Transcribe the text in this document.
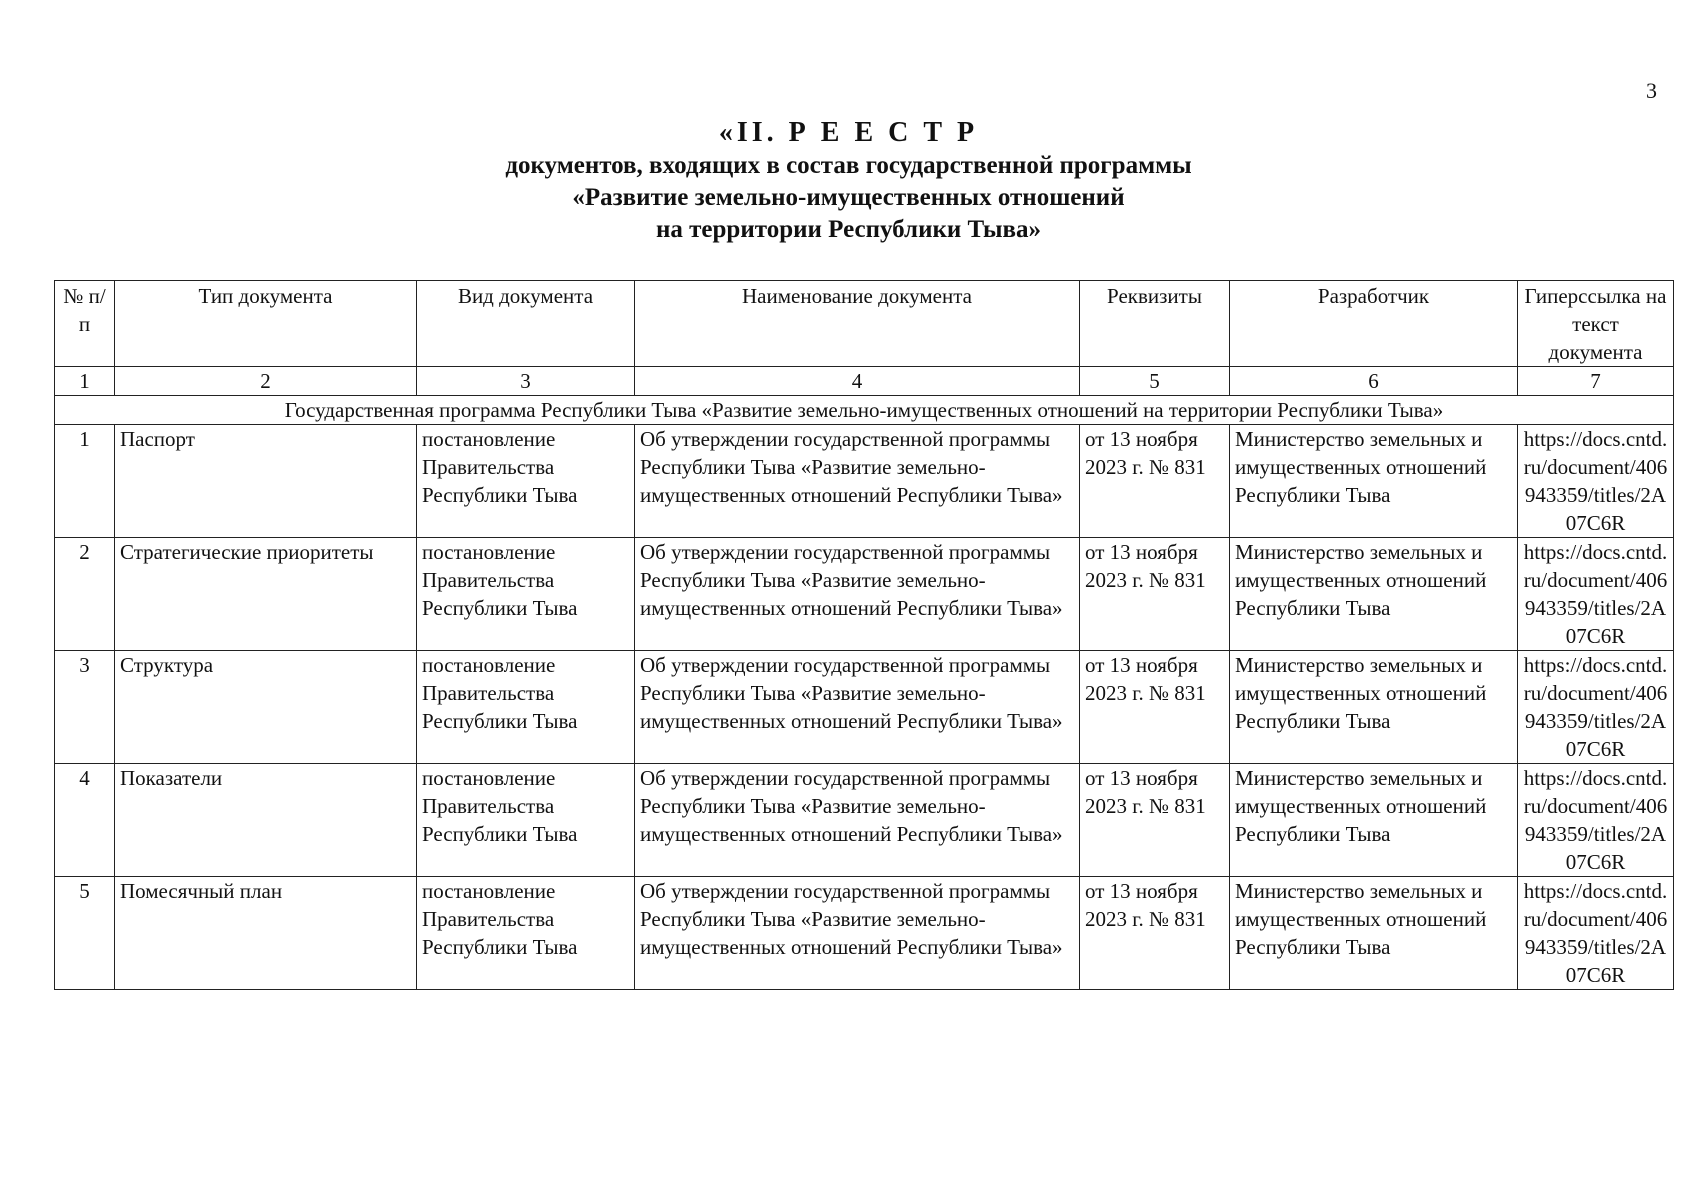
3
«II. Р Е Е С Т Р
документов, входящих в состав государственной программы
«Развитие земельно-имущественных отношений
на территории Республики Тыва»
№ п/п	Тип документа	Вид документа	Наименование документа	Реквизиты	Разработчик	Гиперссылка на текст документа
1	2	3	4	5	6	7
Государственная программа Республики Тыва «Развитие земельно-имущественных отношений на территории Республики Тыва»						
1	Паспорт	постановление Правительства Республики Тыва	Об утверждении государственной программы Республики Тыва «Развитие земельно-имущественных отношений Республики Тыва»	от 13 ноября 2023 г. № 831	Министерство земельных и имущественных отношений Республики Тыва	https://docs.cntd.ru/document/406943359/titles/2A07C6R
2	Стратегические приоритеты	постановление Правительства Республики Тыва	Об утверждении государственной программы Республики Тыва «Развитие земельно-имущественных отношений Республики Тыва»	от 13 ноября 2023 г. № 831	Министерство земельных и имущественных отношений Республики Тыва	https://docs.cntd.ru/document/406943359/titles/2A07C6R
3	Структура	постановление Правительства Республики Тыва	Об утверждении государственной программы Республики Тыва «Развитие земельно-имущественных отношений Республики Тыва»	от 13 ноября 2023 г. № 831	Министерство земельных и имущественных отношений Республики Тыва	https://docs.cntd.ru/document/406943359/titles/2A07C6R
4	Показатели	постановление Правительства Республики Тыва	Об утверждении государственной программы Республики Тыва «Развитие земельно-имущественных отношений Республики Тыва»	от 13 ноября 2023 г. № 831	Министерство земельных и имущественных отношений Республики Тыва	https://docs.cntd.ru/document/406943359/titles/2A07C6R
5	Помесячный план	постановление Правительства Республики Тыва	Об утверждении государственной программы Республики Тыва «Развитие земельно-имущественных отношений Республики Тыва»	от 13 ноября 2023 г. № 831	Министерство земельных и имущественных отношений Республики Тыва	https://docs.cntd.ru/document/406943359/titles/2A07C6R
